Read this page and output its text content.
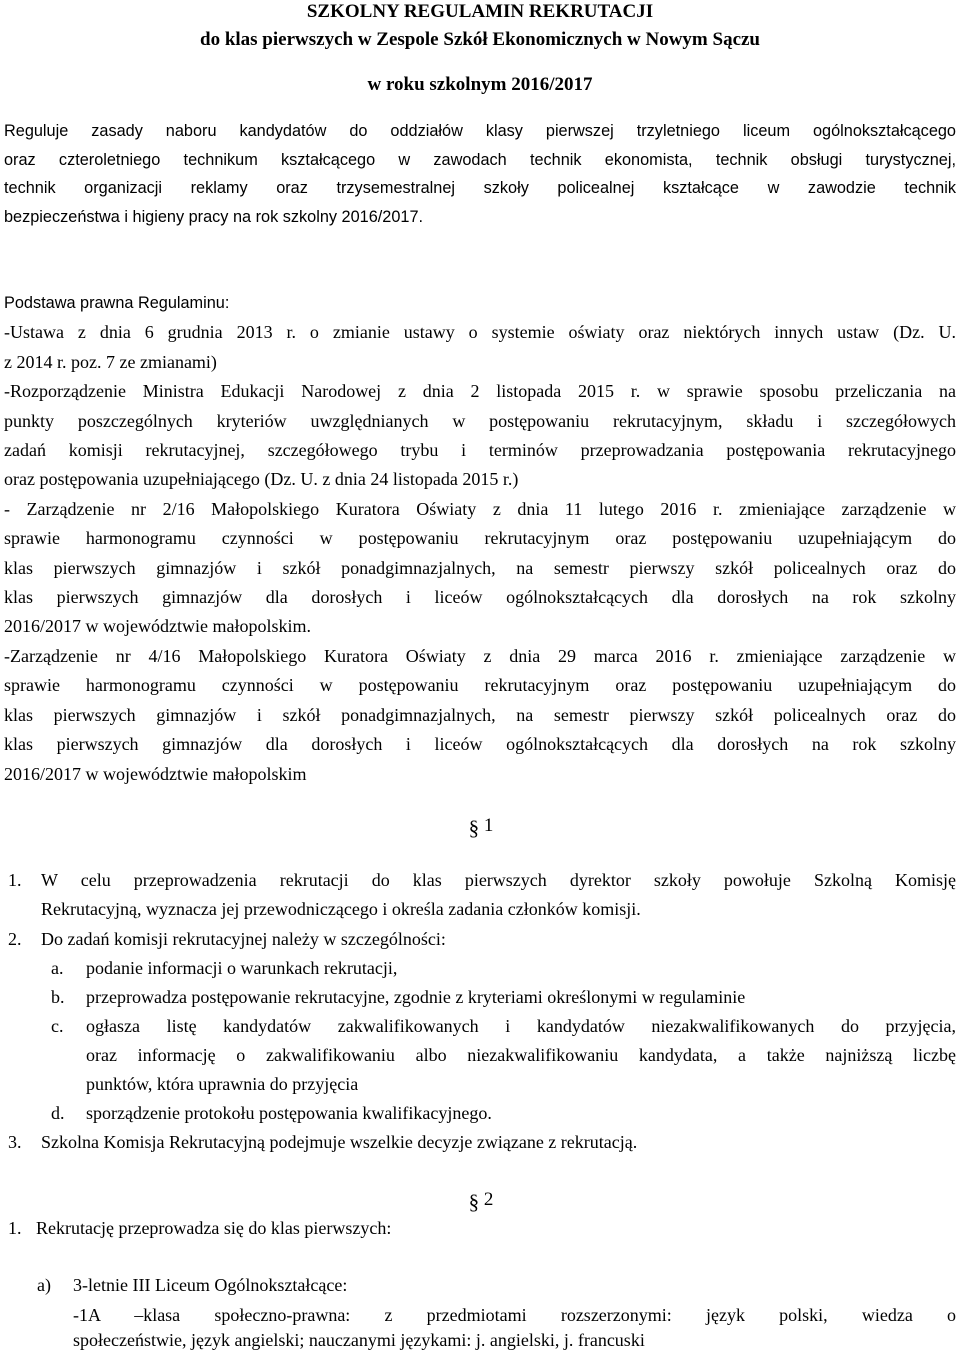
SZKOLNY REGULAMIN REKRUTACJI
do klas pierwszych w Zespole Szkół Ekonomicznych w Nowym Sączu
w roku szkolnym 2016/2017
Reguluje zasady naboru kandydatów do oddziałów klasy pierwszej trzyletniego liceum ogólnokształcącego
oraz czteroletniego technikum kształcącego w zawodach technik ekonomista, technik obsługi turystycznej,
technik organizacji reklamy oraz trzysemestralnej szkoły policealnej kształcące w zawodzie technik
bezpieczeństwa i higieny pracy na rok szkolny 2016/2017.
Podstawa prawna Regulaminu:
-Ustawa z dnia 6 grudnia 2013 r. o zmianie ustawy o systemie oświaty oraz niektórych innych ustaw (Dz. U.
z 2014 r. poz. 7 ze zmianami)
-Rozporządzenie Ministra Edukacji Narodowej z dnia 2 listopada 2015 r. w sprawie sposobu przeliczania na
punkty poszczególnych kryteriów uwzględnianych w postępowaniu rekrutacyjnym, składu i szczegółowych
zadań komisji rekrutacyjnej, szczegółowego trybu i terminów przeprowadzania postępowania rekrutacyjnego
oraz postępowania uzupełniającego (Dz. U. z dnia 24 listopada 2015 r.)
- Zarządzenie nr 2/16 Małopolskiego Kuratora Oświaty z dnia 11 lutego 2016 r. zmieniające zarządzenie w
sprawie harmonogramu czynności w postępowaniu rekrutacyjnym oraz postępowaniu uzupełniającym do
klas pierwszych gimnazjów i szkół ponadgimnazjalnych, na semestr pierwszy szkół policealnych oraz do
klas pierwszych gimnazjów dla dorosłych i liceów ogólnokształcących dla dorosłych na rok szkolny
2016/2017 w województwie małopolskim.
-Zarządzenie nr 4/16 Małopolskiego Kuratora Oświaty z dnia 29 marca 2016 r. zmieniające zarządzenie w
sprawie harmonogramu czynności w postępowaniu rekrutacyjnym oraz postępowaniu uzupełniającym do
klas pierwszych gimnazjów i szkół ponadgimnazjalnych, na semestr pierwszy szkół policealnych oraz do
klas pierwszych gimnazjów dla dorosłych i liceów ogólnokształcących dla dorosłych na rok szkolny
2016/2017 w województwie małopolskim
§ 1
1. W celu przeprowadzenia rekrutacji do klas pierwszych dyrektor szkoły powołuje Szkolną Komisję
Rekrutacyjną, wyznacza jej przewodniczącego i określa zadania członków komisji.
2. Do zadań komisji rekrutacyjnej należy w szczególności:
a. podanie informacji o warunkach rekrutacji,
b. przeprowadza postępowanie rekrutacyjne, zgodnie z kryteriami określonymi w regulaminie
c. ogłasza listę kandydatów zakwalifikowanych i kandydatów niezakwalifikowanych do przyjęcia,
oraz informację o zakwalifikowaniu albo niezakwalifikowaniu kandydata, a także najniższą liczbę
punktów, która uprawnia do przyjęcia
d. sporządzenie protokołu postępowania kwalifikacyjnego.
3. Szkolna Komisja Rekrutacyjną podejmuje wszelkie decyzje związane z rekrutacją.
§ 2
1. Rekrutację przeprowadza się do klas pierwszych:
a) 3-letnie III Liceum Ogólnokształcące:
-1A –klasa społeczno-prawna: z przedmiotami rozszerzonymi: język polski, wiedza o
społeczeństwie, język angielski; nauczanymi językami: j. angielski, j. francuski
